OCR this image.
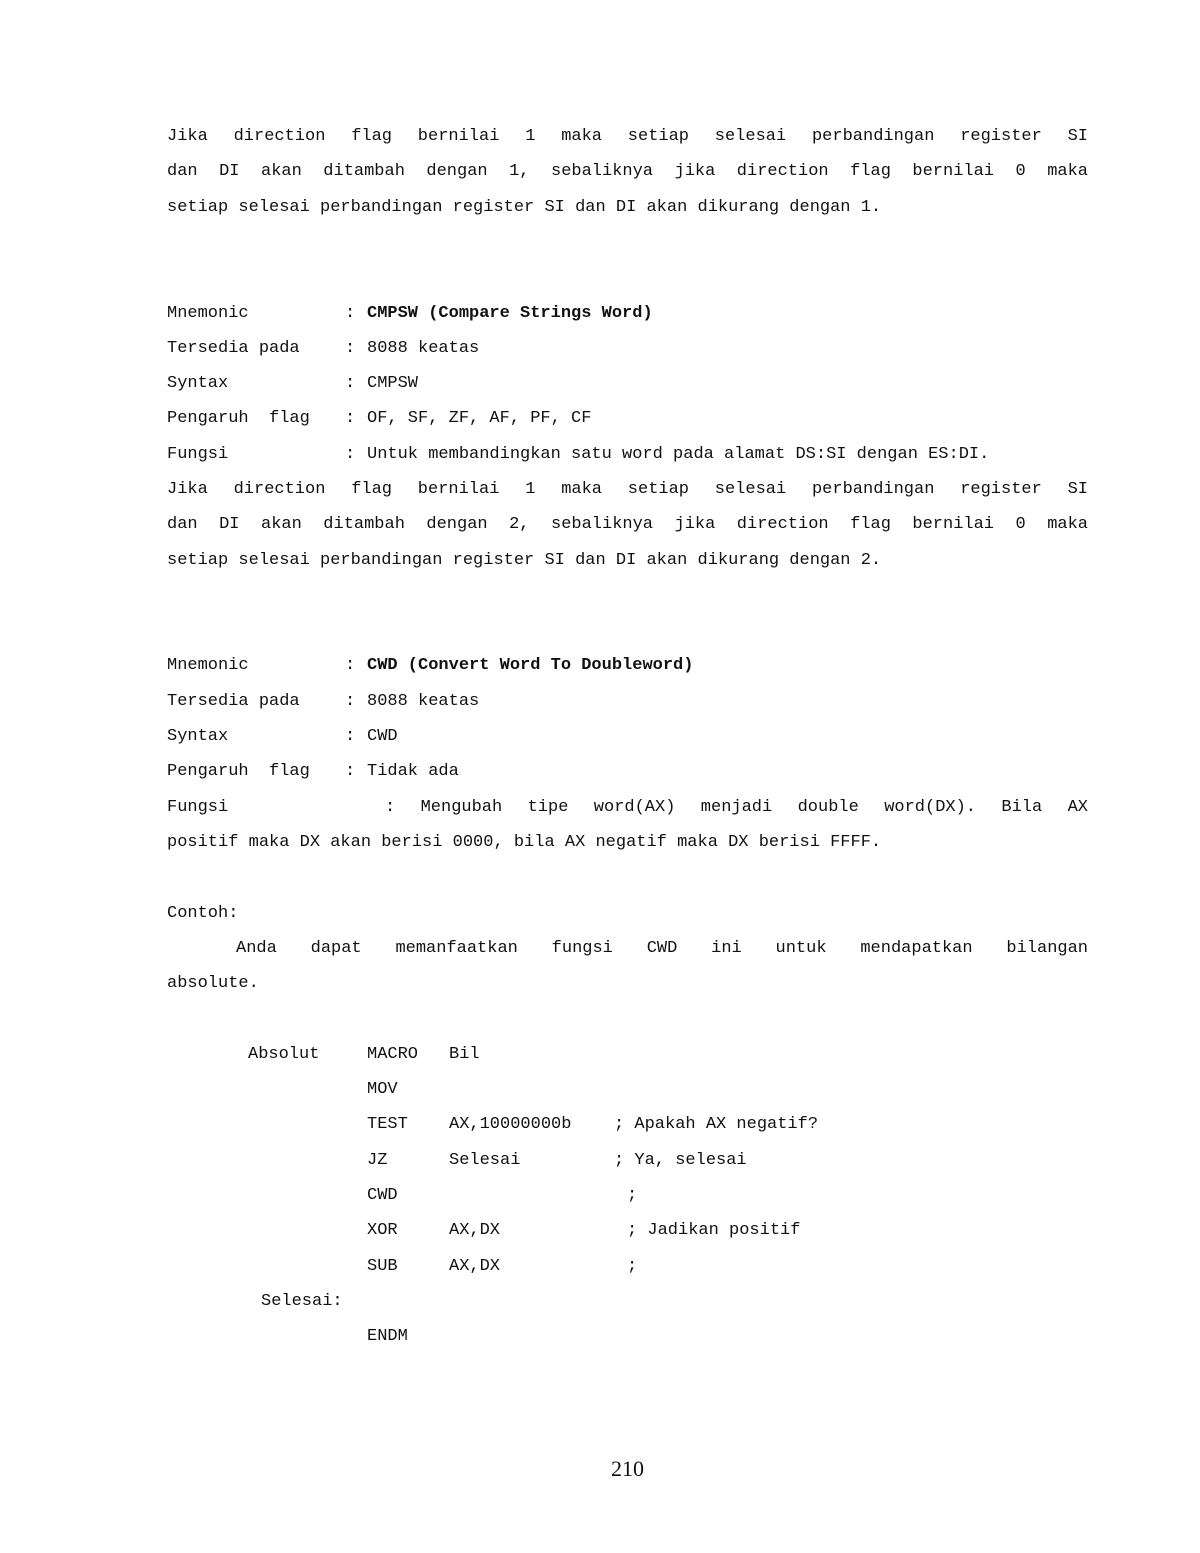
Jika direction flag bernilai 1 maka setiap selesai perbandingan register SI
dan DI akan ditambah dengan 1, sebaliknya jika direction flag bernilai 0 maka
setiap selesai perbandingan register SI dan DI akan dikurang dengan 1.
Mnemonic	: CMPSW (Compare Strings Word)
Tersedia pada	: 8088 keatas
Syntax	: CMPSW
Pengaruh  flag : OF, SF, ZF, AF, PF, CF
Fungsi	: Untuk membandingkan satu word pada alamat DS:SI dengan ES:DI.
Jika direction flag bernilai 1 maka setiap selesai perbandingan register SI
dan DI akan ditambah dengan 2, sebaliknya jika direction flag bernilai 0 maka
setiap selesai perbandingan register SI dan DI akan dikurang dengan 2.
Mnemonic	: CWD (Convert Word To Doubleword)
Tersedia pada	: 8088 keatas
Syntax	: CWD
Pengaruh  flag : Tidak ada
Fungsi	: Mengubah tipe word(AX) menjadi double word(DX). Bila AX
positif maka DX akan berisi 0000, bila AX negatif maka DX berisi FFFF.
Contoh:
Anda dapat memanfaatkan fungsi CWD ini untuk mendapatkan bilangan
absolute.
Absolut	MACRO Bil
MOV
TEST AX,10000000b	; Apakah AX negatif?
JZ	Selesai	; Ya, selesai
CWD	;
XOR	AX,DX	; Jadikan positif
SUB	AX,DX	;
Selesai:
ENDM
210
